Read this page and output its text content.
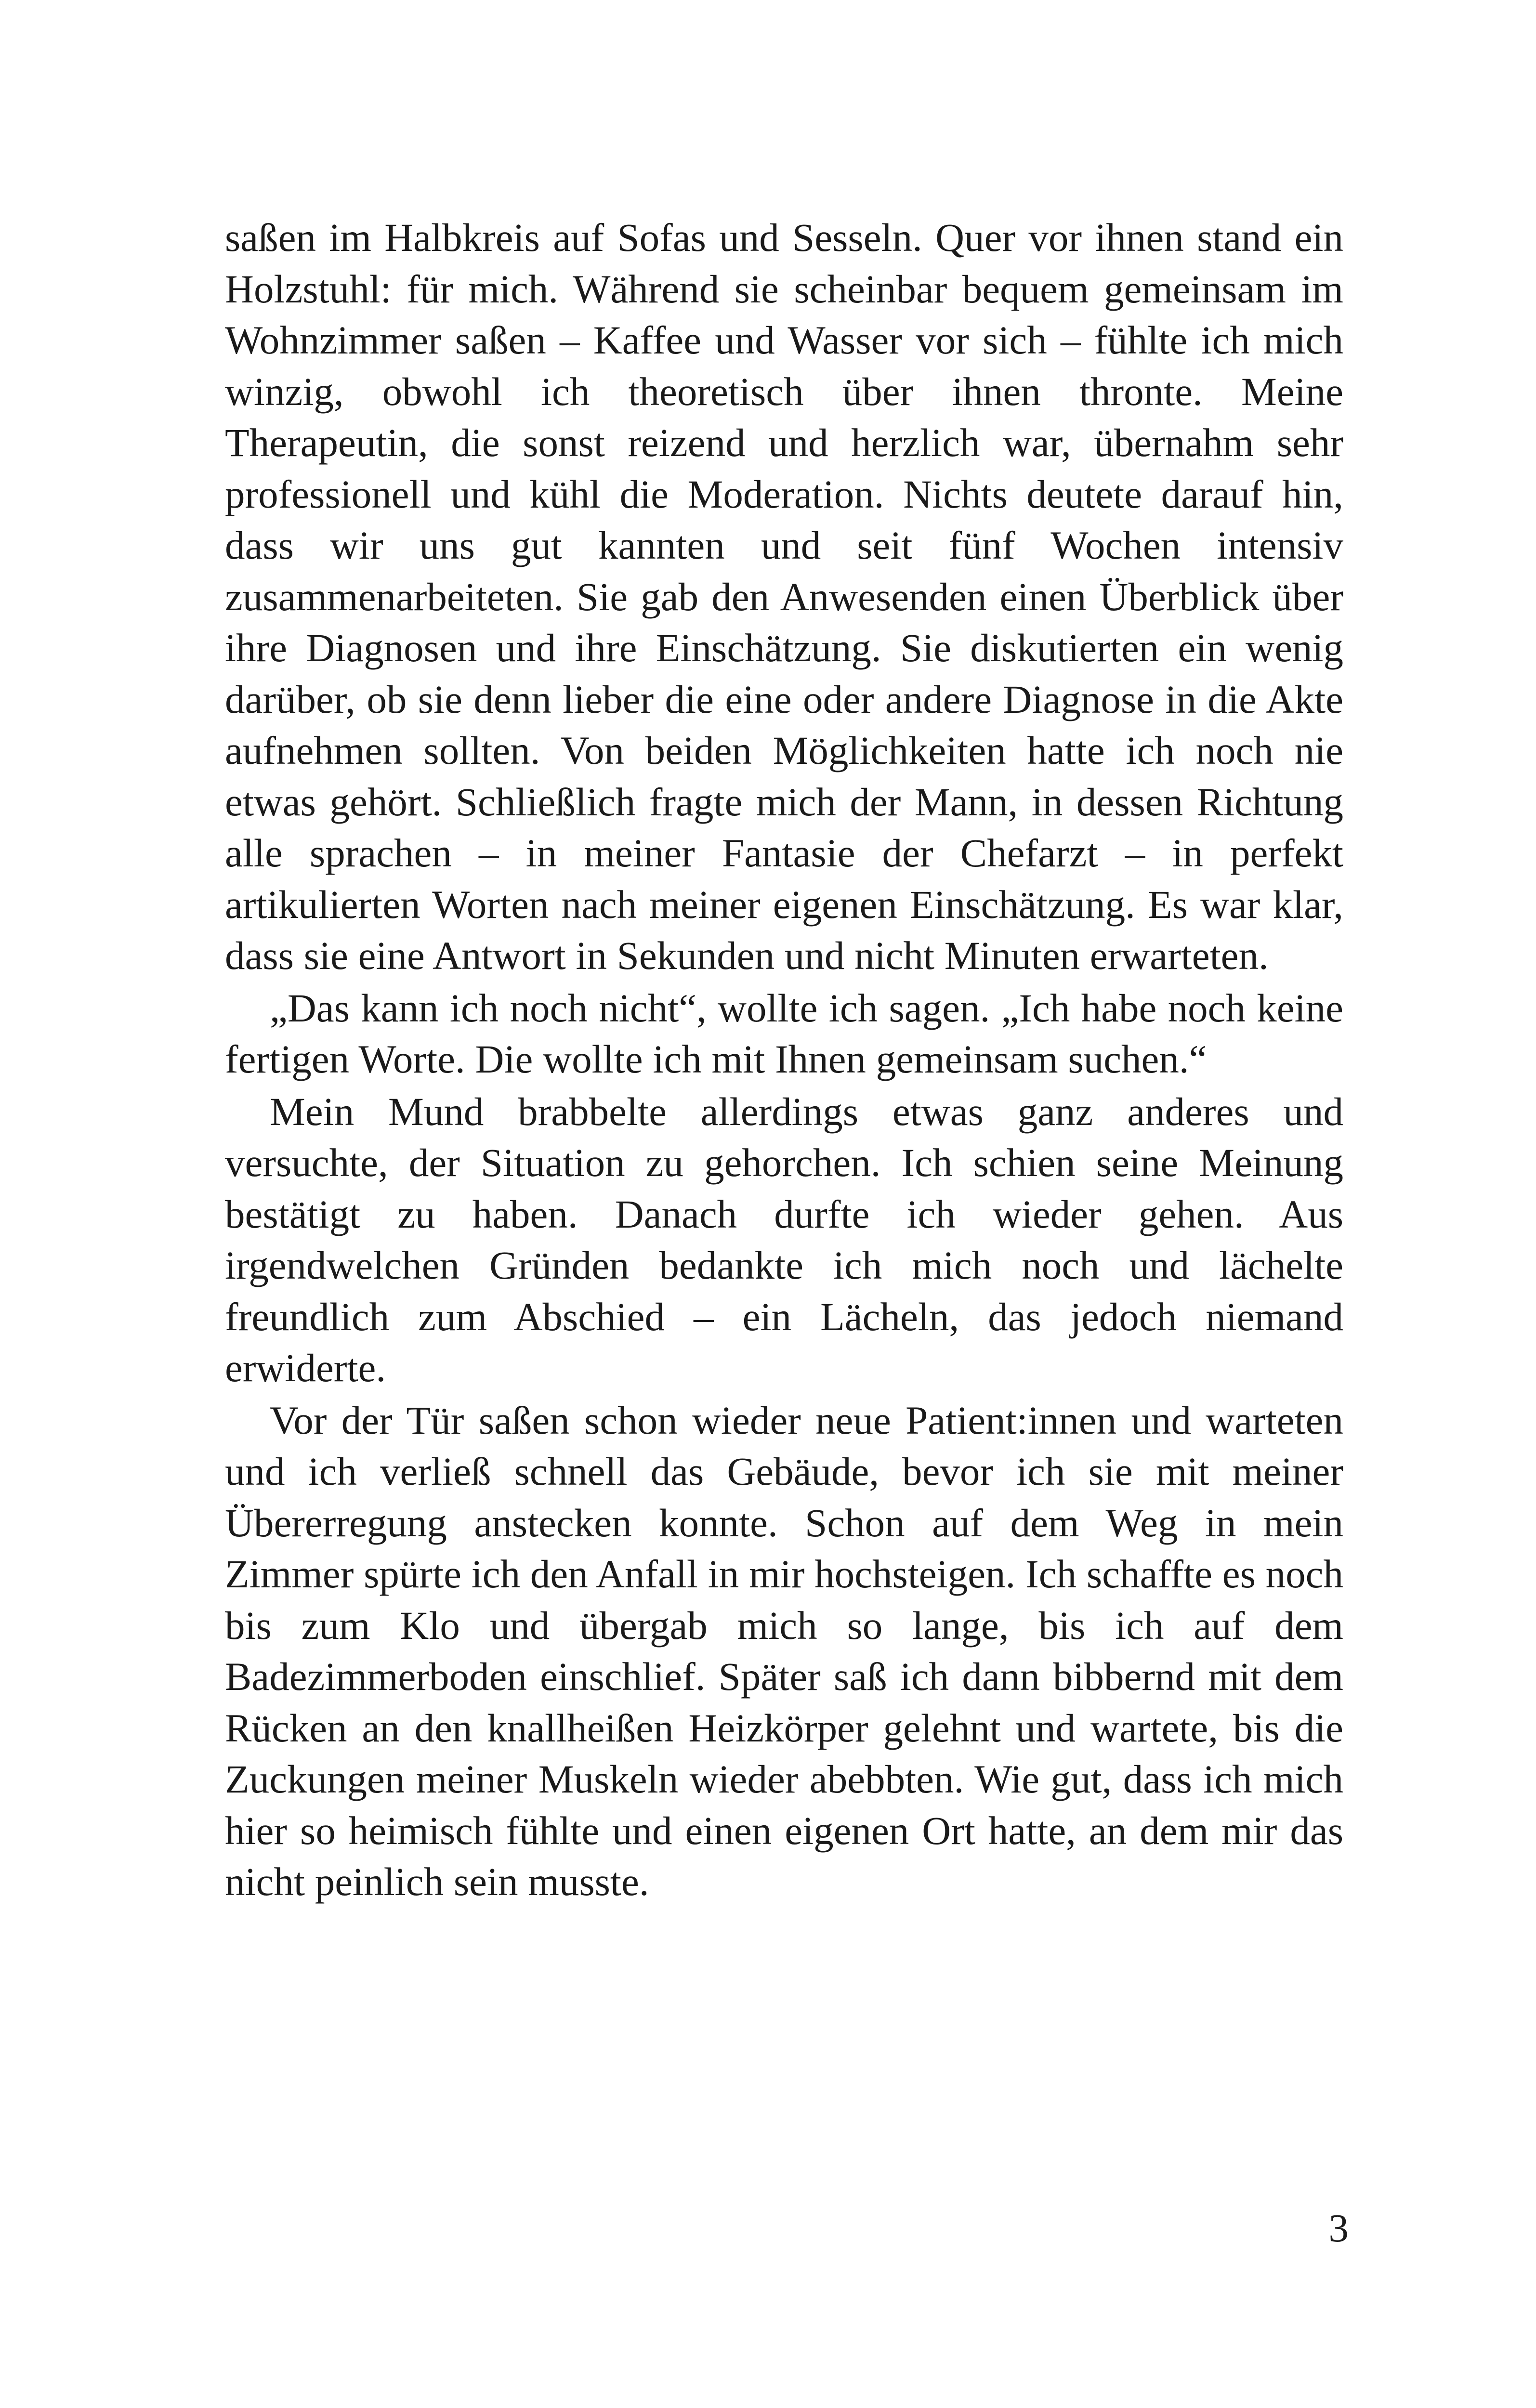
saßen im Halbkreis auf Sofas und Sesseln. Quer vor ihnen stand ein Holzstuhl: für mich. Während sie scheinbar bequem gemeinsam im Wohnzimmer saßen – Kaffee und Wasser vor sich – fühlte ich mich winzig, obwohl ich theoretisch über ihnen thronte. Meine Therapeutin, die sonst reizend und herzlich war, übernahm sehr professionell und kühl die Moderation. Nichts deutete darauf hin, dass wir uns gut kannten und seit fünf Wochen intensiv zusammenarbeiteten. Sie gab den Anwesenden einen Überblick über ihre Diagnosen und ihre Einschätzung. Sie diskutierten ein wenig darüber, ob sie denn lieber die eine oder andere Diagnose in die Akte aufnehmen sollten. Von beiden Möglichkeiten hatte ich noch nie etwas gehört. Schließlich fragte mich der Mann, in dessen Richtung alle sprachen – in meiner Fantasie der Chefarzt – in perfekt artikulierten Worten nach meiner eigenen Einschätzung. Es war klar, dass sie eine Antwort in Sekunden und nicht Minuten erwarteten.

„Das kann ich noch nicht“, wollte ich sagen. „Ich habe noch keine fertigen Worte. Die wollte ich mit Ihnen gemeinsam suchen.“

Mein Mund brabbelte allerdings etwas ganz anderes und versuchte, der Situation zu gehorchen. Ich schien seine Meinung bestätigt zu haben. Danach durfte ich wieder gehen. Aus irgendwelchen Gründen bedankte ich mich noch und lächelte freundlich zum Abschied – ein Lächeln, das jedoch niemand erwiderte.

Vor der Tür saßen schon wieder neue Patient:innen und warteten und ich verließ schnell das Gebäude, bevor ich sie mit meiner Übererregung anstecken konnte. Schon auf dem Weg in mein Zimmer spürte ich den Anfall in mir hochsteigen. Ich schaffte es noch bis zum Klo und übergab mich so lange, bis ich auf dem Badezimmerboden einschlief. Später saß ich dann bibbernd mit dem Rücken an den knallheißen Heizkörper gelehnt und wartete, bis die Zuckungen meiner Muskeln wieder abebbten. Wie gut, dass ich mich hier so heimisch fühlte und einen eigenen Ort hatte, an dem mir das nicht peinlich sein musste.

3
